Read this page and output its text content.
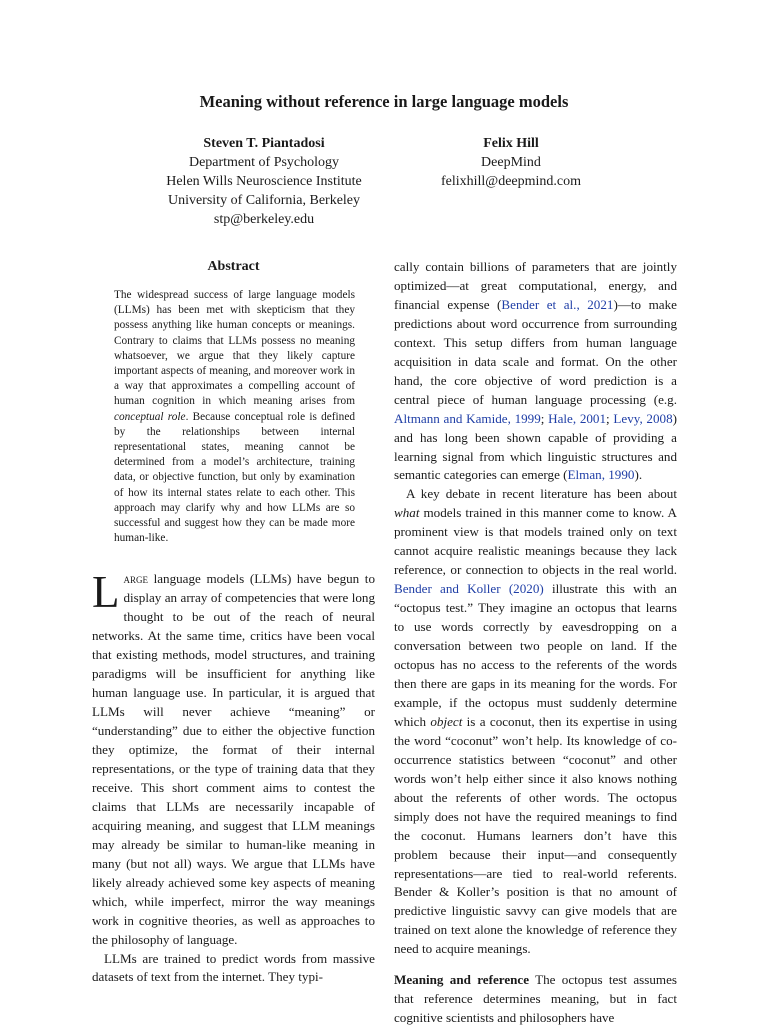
Meaning without reference in large language models
Steven T. Piantadosi
Department of Psychology
Helen Wills Neuroscience Institute
University of California, Berkeley
stp@berkeley.edu
Felix Hill
DeepMind
felixhill@deepmind.com
Abstract

The widespread success of large language models (LLMs) has been met with skepticism that they possess anything like human concepts or meanings. Contrary to claims that LLMs possess no meaning whatsoever, we argue that they likely capture important aspects of meaning, and moreover work in a way that approximates a compelling account of human cognition in which meaning arises from conceptual role. Because conceptual role is defined by the relationships between internal representational states, meaning cannot be determined from a model’s architecture, training data, or objective function, but only by examination of how its internal states relate to each other. This approach may clarify why and how LLMs are so successful and suggest how they can be made more human-like.

Large language models (LLMs) have begun to display an array of competencies that were long thought to be out of the reach of neural networks. At the same time, critics have been vocal that existing methods, model structures, and training paradigms will be insufficient for anything like human language use. In particular, it is argued that LLMs will never achieve “meaning” or “understanding” due to either the objective function they optimize, the format of their internal representations, or the type of training data that they receive. This short comment aims to contest the claims that LLMs are necessarily incapable of acquiring meaning, and suggest that LLM meanings may already be similar to human-like meaning in many (but not all) ways. We argue that LLMs have likely already achieved some key aspects of meaning which, while imperfect, mirror the way meanings work in cognitive theories, as well as approaches to the philosophy of language.

LLMs are trained to predict words from massive datasets of text from the internet. They typi-

cally contain billions of parameters that are jointly optimized—at great computational, energy, and financial expense (Bender et al., 2021)—to make predictions about word occurrence from surrounding context. This setup differs from human language acquisition in data scale and format. On the other hand, the core objective of word prediction is a central piece of human language processing (e.g. Altmann and Kamide, 1999; Hale, 2001; Levy, 2008) and has long been shown capable of providing a learning signal from which linguistic structures and semantic categories can emerge (Elman, 1990).

A key debate in recent literature has been about what models trained in this manner come to know. A prominent view is that models trained only on text cannot acquire realistic meanings because they lack reference, or connection to objects in the real world. Bender and Koller (2020) illustrate this with an “octopus test.” They imagine an octopus that learns to use words correctly by eavesdropping on a conversation between two people on land. If the octopus has no access to the referents of the words then there are gaps in its meaning for the words. For example, if the octopus must suddenly determine which object is a coconut, then its expertise in using the word “coconut” won’t help. Its knowledge of co-occurrence statistics between “coconut” and other words won’t help either since it also knows nothing about the referents of other words. The octopus simply does not have the required meanings to find the coconut. Humans learners don’t have this problem because their input—and consequently representations—are tied to real-world referents. Bender & Koller’s position is that no amount of predictive linguistic savvy can give models that are trained on text alone the knowledge of reference they need to acquire meanings.

Meaning and reference The octopus test assumes that reference determines meaning, but in fact cognitive scientists and philosophers have
